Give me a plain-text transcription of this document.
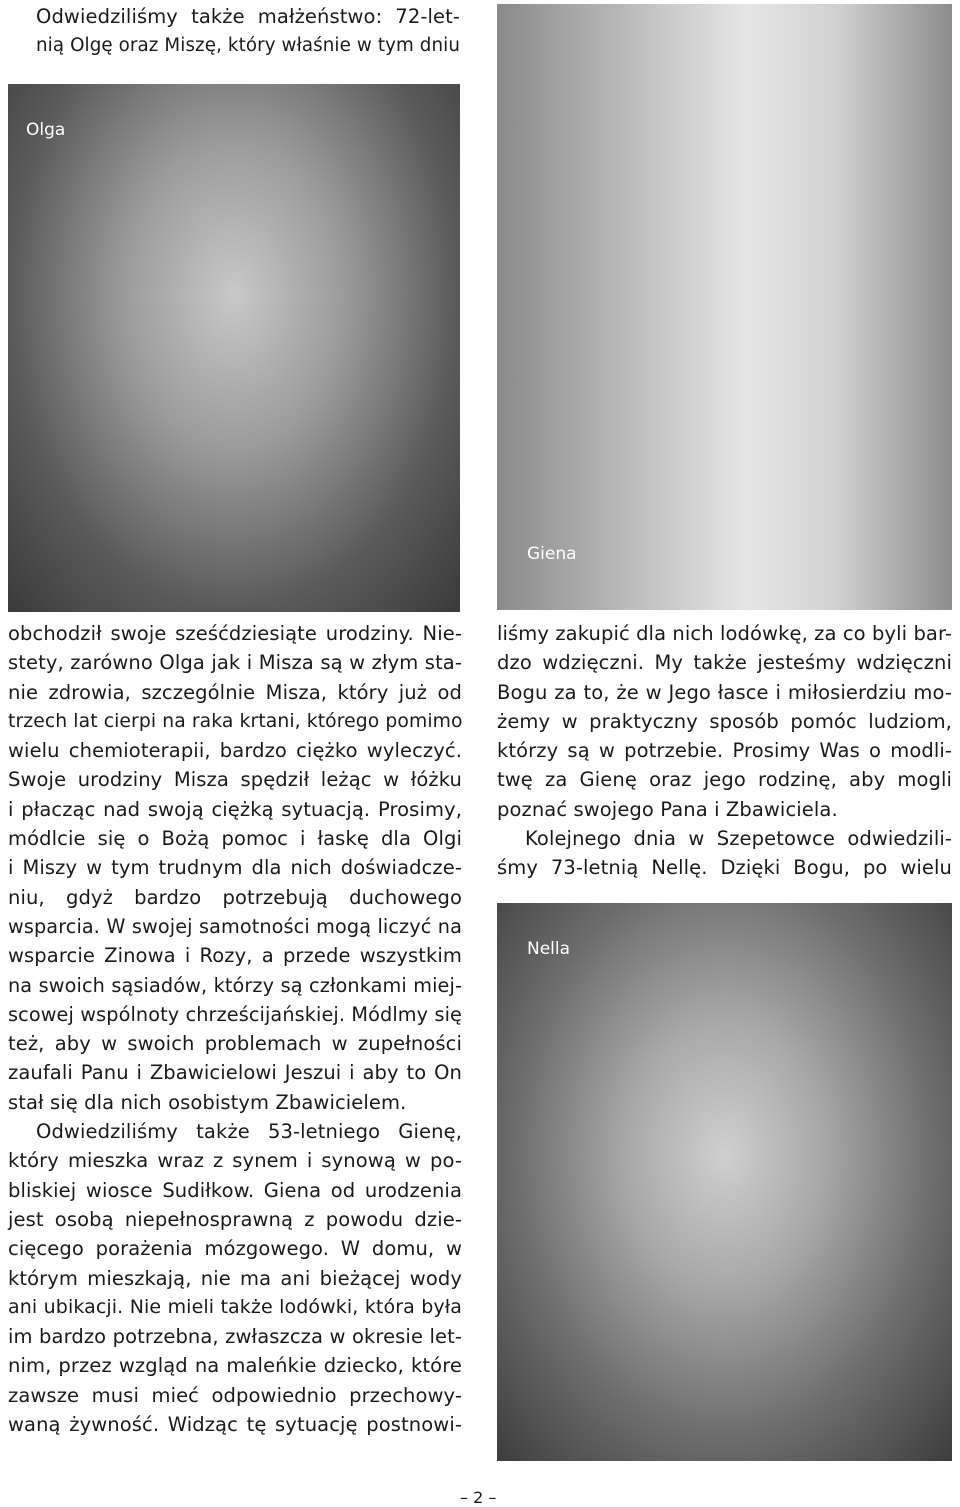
Odwiedziliśmy także małżeństwo: 72-let-
nią Olgę oraz Miszę, który właśnie w tym dniu
Olga
Giena
Nella
obchodził swoje sześćdziesiąte urodziny. Nie-
stety, zarówno Olga jak i Misza są w złym sta-
nie zdrowia, szczególnie Misza, który już od
trzech lat cierpi na raka krtani, którego pomimo
wielu chemioterapii, bardzo ciężko wyleczyć.
Swoje urodziny Misza spędził leżąc w łóżku
i płacząc nad swoją ciężką sytuacją. Prosimy,
módlcie się o Bożą pomoc i łaskę dla Olgi
i Miszy w tym trudnym dla nich doświadcze-
niu, gdyż bardzo potrzebują duchowego
wsparcia. W swojej samotności mogą liczyć na
wsparcie Zinowa i Rozy, a przede wszystkim
na swoich sąsiadów, którzy są członkami miej-
scowej wspólnoty chrześcijańskiej. Módlmy się
też, aby w swoich problemach w zupełności
zaufali Panu i Zbawicielowi Jeszui i aby to On
stał się dla nich osobistym Zbawicielem.
Odwiedziliśmy także 53-letniego Gienę,
który mieszka wraz z synem i synową w po-
bliskiej wiosce Sudiłkow. Giena od urodzenia
jest osobą niepełnosprawną z powodu dzie-
cięcego porażenia mózgowego. W domu, w
którym mieszkają, nie ma ani bieżącej wody
ani ubikacji. Nie mieli także lodówki, która była
im bardzo potrzebna, zwłaszcza w okresie let-
nim, przez wzgląd na maleńkie dziecko, które
zawsze musi mieć odpowiednio przechowy-
waną żywność. Widząc tę sytuację postnowi-
liśmy zakupić dla nich lodówkę, za co byli bar-
dzo wdzięczni. My także jesteśmy wdzięczni
Bogu za to, że w Jego łasce i miłosierdziu mo-
żemy w praktyczny sposób pomóc ludziom,
którzy są w potrzebie. Prosimy Was o modli-
twę za Gienę oraz jego rodzinę, aby mogli
poznać swojego Pana i Zbawiciela.
Kolejnego dnia w Szepetowce odwiedzili-
śmy 73-letnią Nellę. Dzięki Bogu, po wielu
– 2 –
